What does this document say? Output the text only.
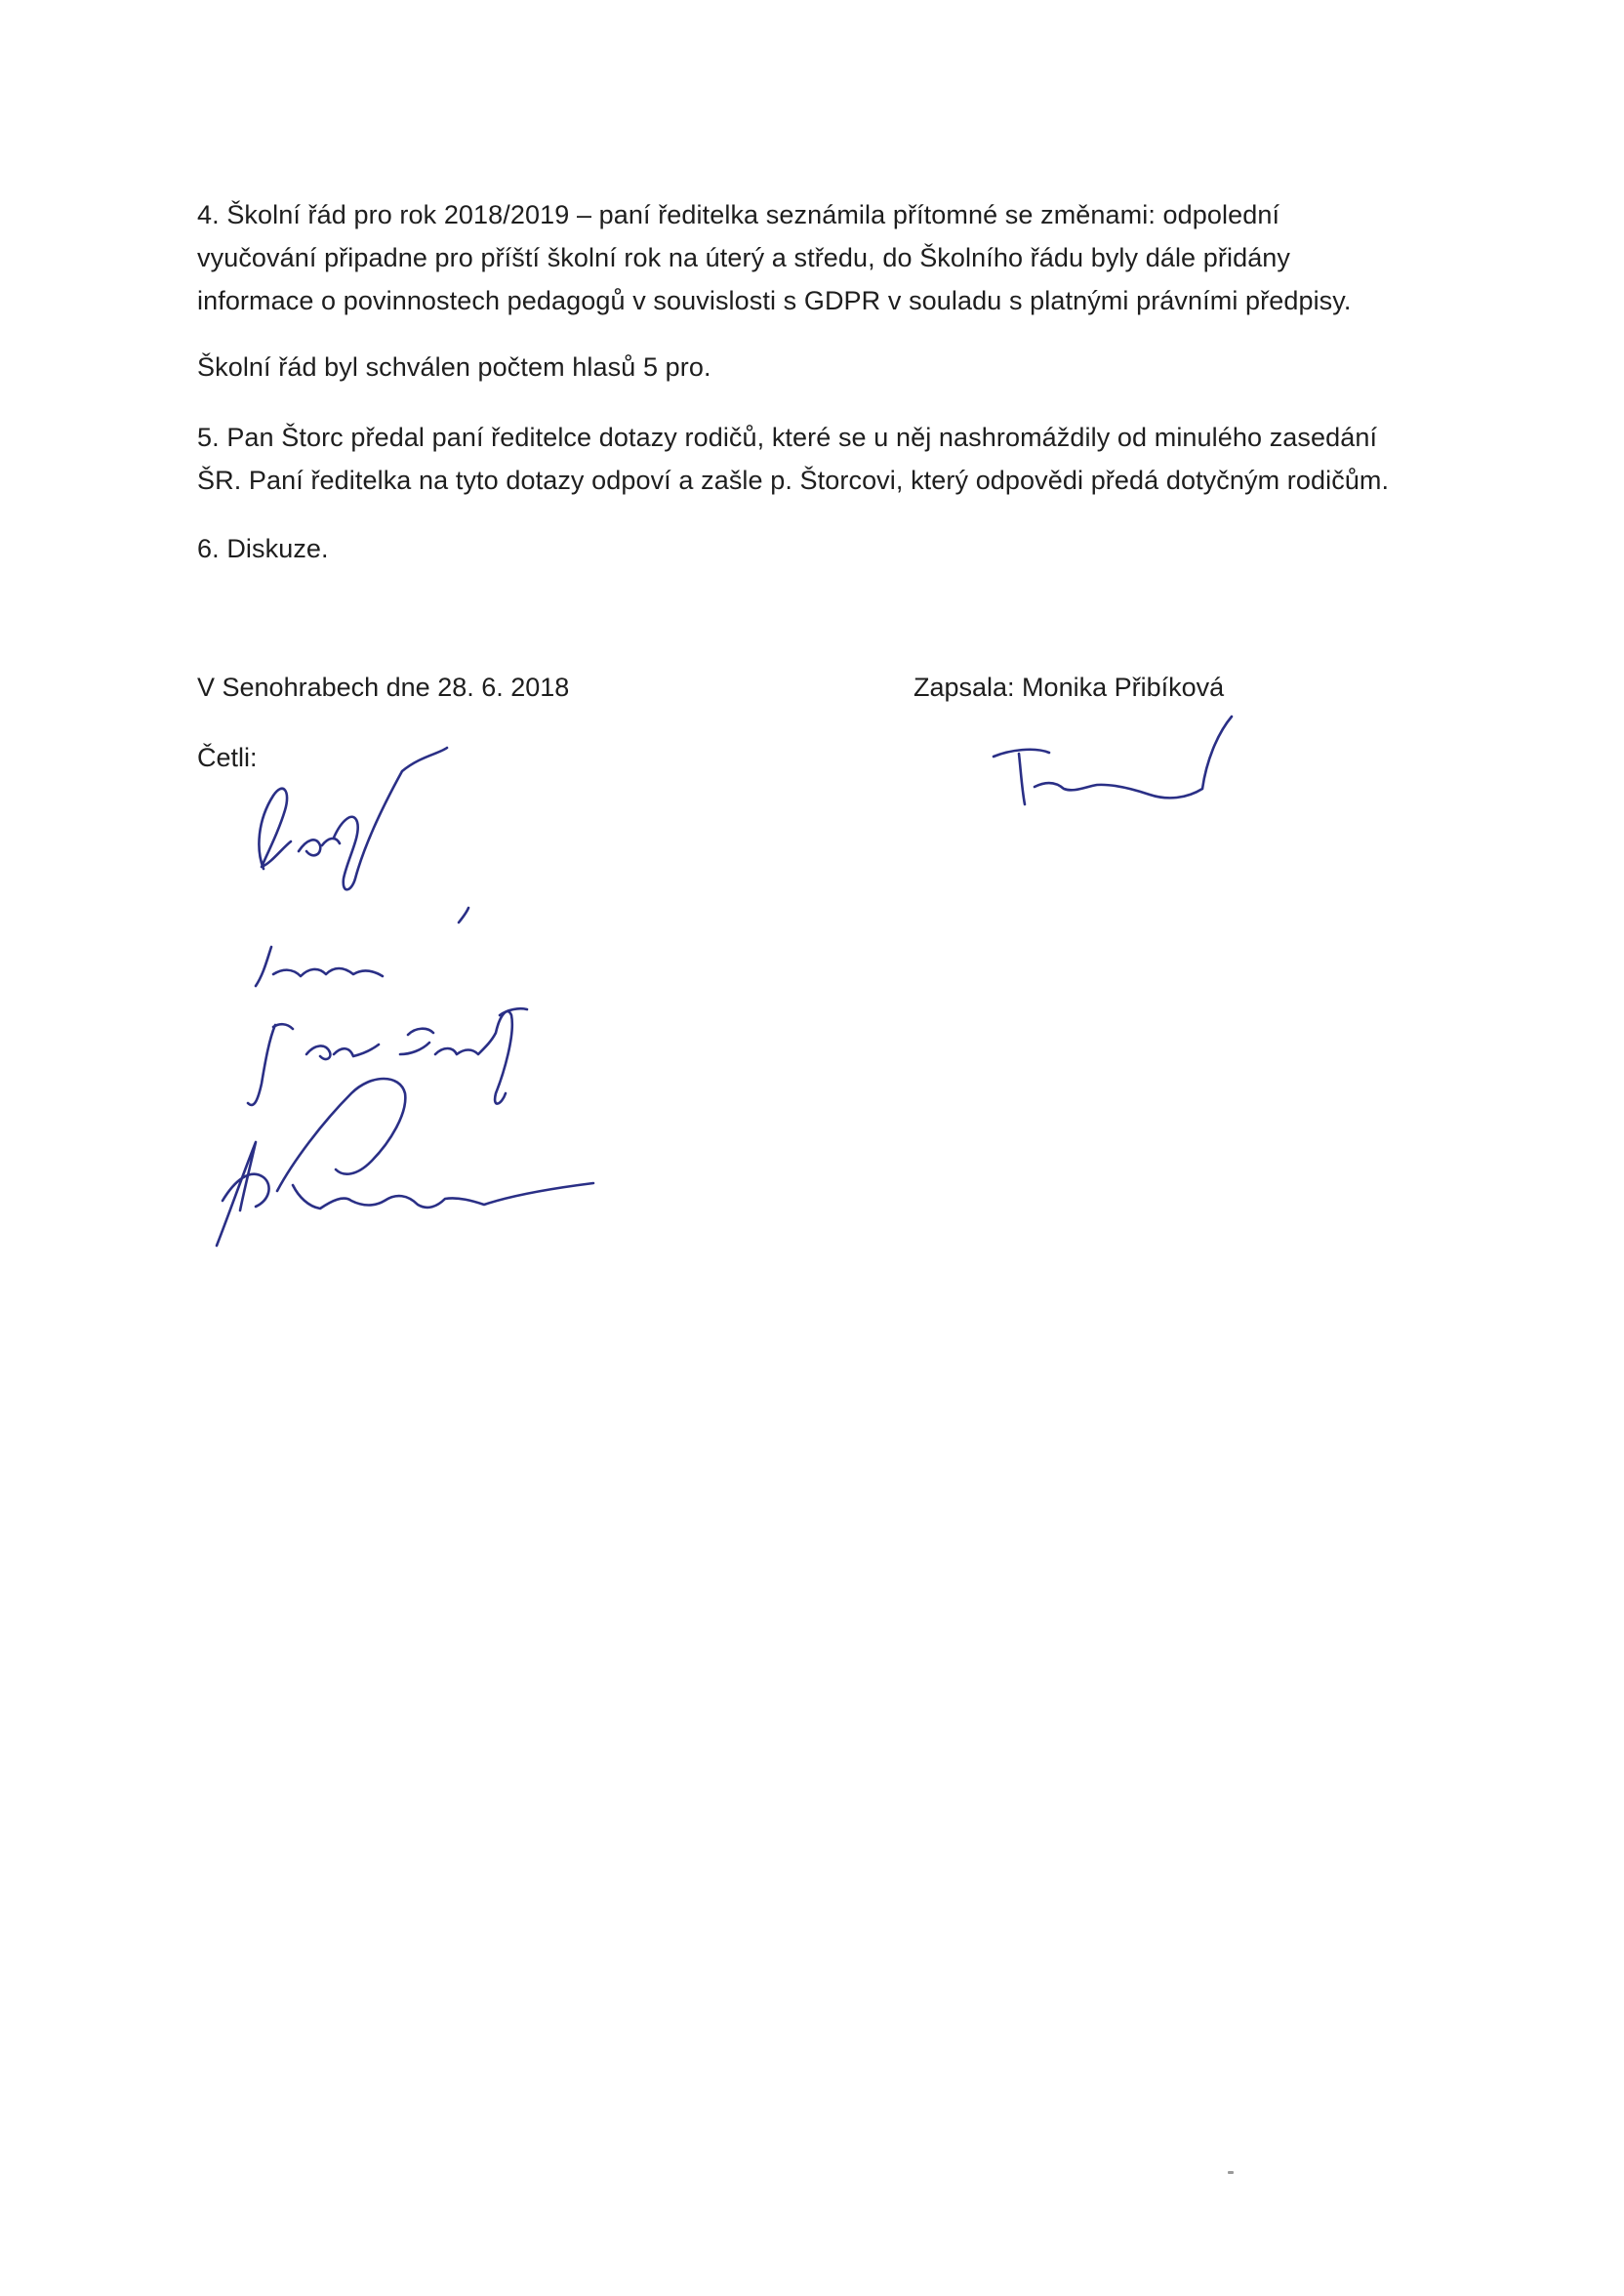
4. Školní řád pro rok 2018/2019 – paní ředitelka seznámila přítomné se změnami: odpolední
vyučování připadne pro příští školní rok na úterý a středu, do Školního řádu byly dále přidány
informace o povinnostech pedagogů v souvislosti s GDPR v souladu s platnými právními předpisy.
Školní řád byl schválen počtem hlasů 5 pro.
5. Pan Štorc předal paní ředitelce dotazy rodičů, které se u něj nashromáždily od minulého zasedání
ŠR. Paní ředitelka na tyto dotazy odpoví a zašle p. Štorcovi, který odpovědi předá dotyčným rodičům.
6. Diskuze.
V Senohrabech dne 28. 6. 2018	Zapsala: Monika Přibíková
Četli:
